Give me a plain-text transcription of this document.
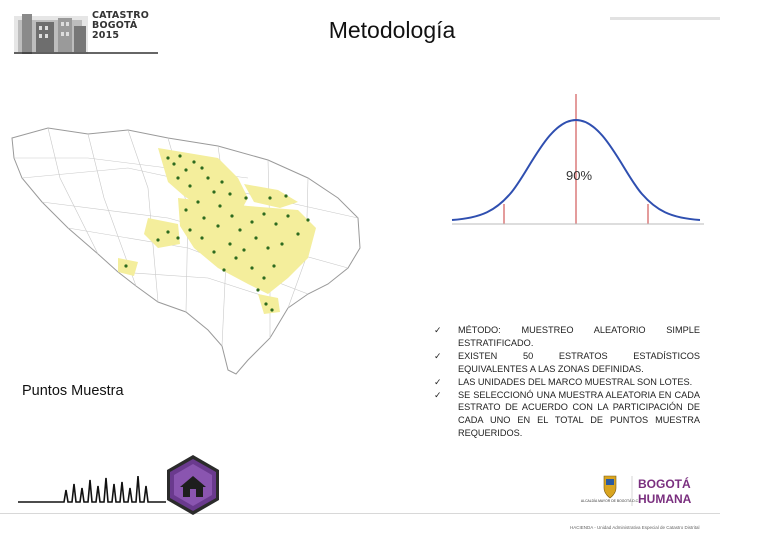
CATASTRO
BOGOTÁ
2015	Metodología
90%
Puntos Muestra
✓ MÉTODO: MUESTREO ALEATORIO SIMPLE ESTRATIFICADO.
✓ EXISTEN 50 ESTRATOS ESTADÍSTICOS EQUIVALENTES A LAS ZONAS DEFINIDAS.
✓ LAS UNIDADES DEL MARCO MUESTRAL SON LOTES.
✓ SE SELECCIONÓ UNA MUESTRA ALEATORIA EN CADA ESTRATO DE ACUERDO CON LA PARTICIPACIÓN DE CADA UNO EN EL TOTAL DE PUNTOS MUESTRA REQUERIDOS.
ALCALDÍA MAYOR DE BOGOTÁ D.C.
BOGOTÁ
HUMANA
HACIENDA - Unidad Administrativa Especial de Catastro Distrital
